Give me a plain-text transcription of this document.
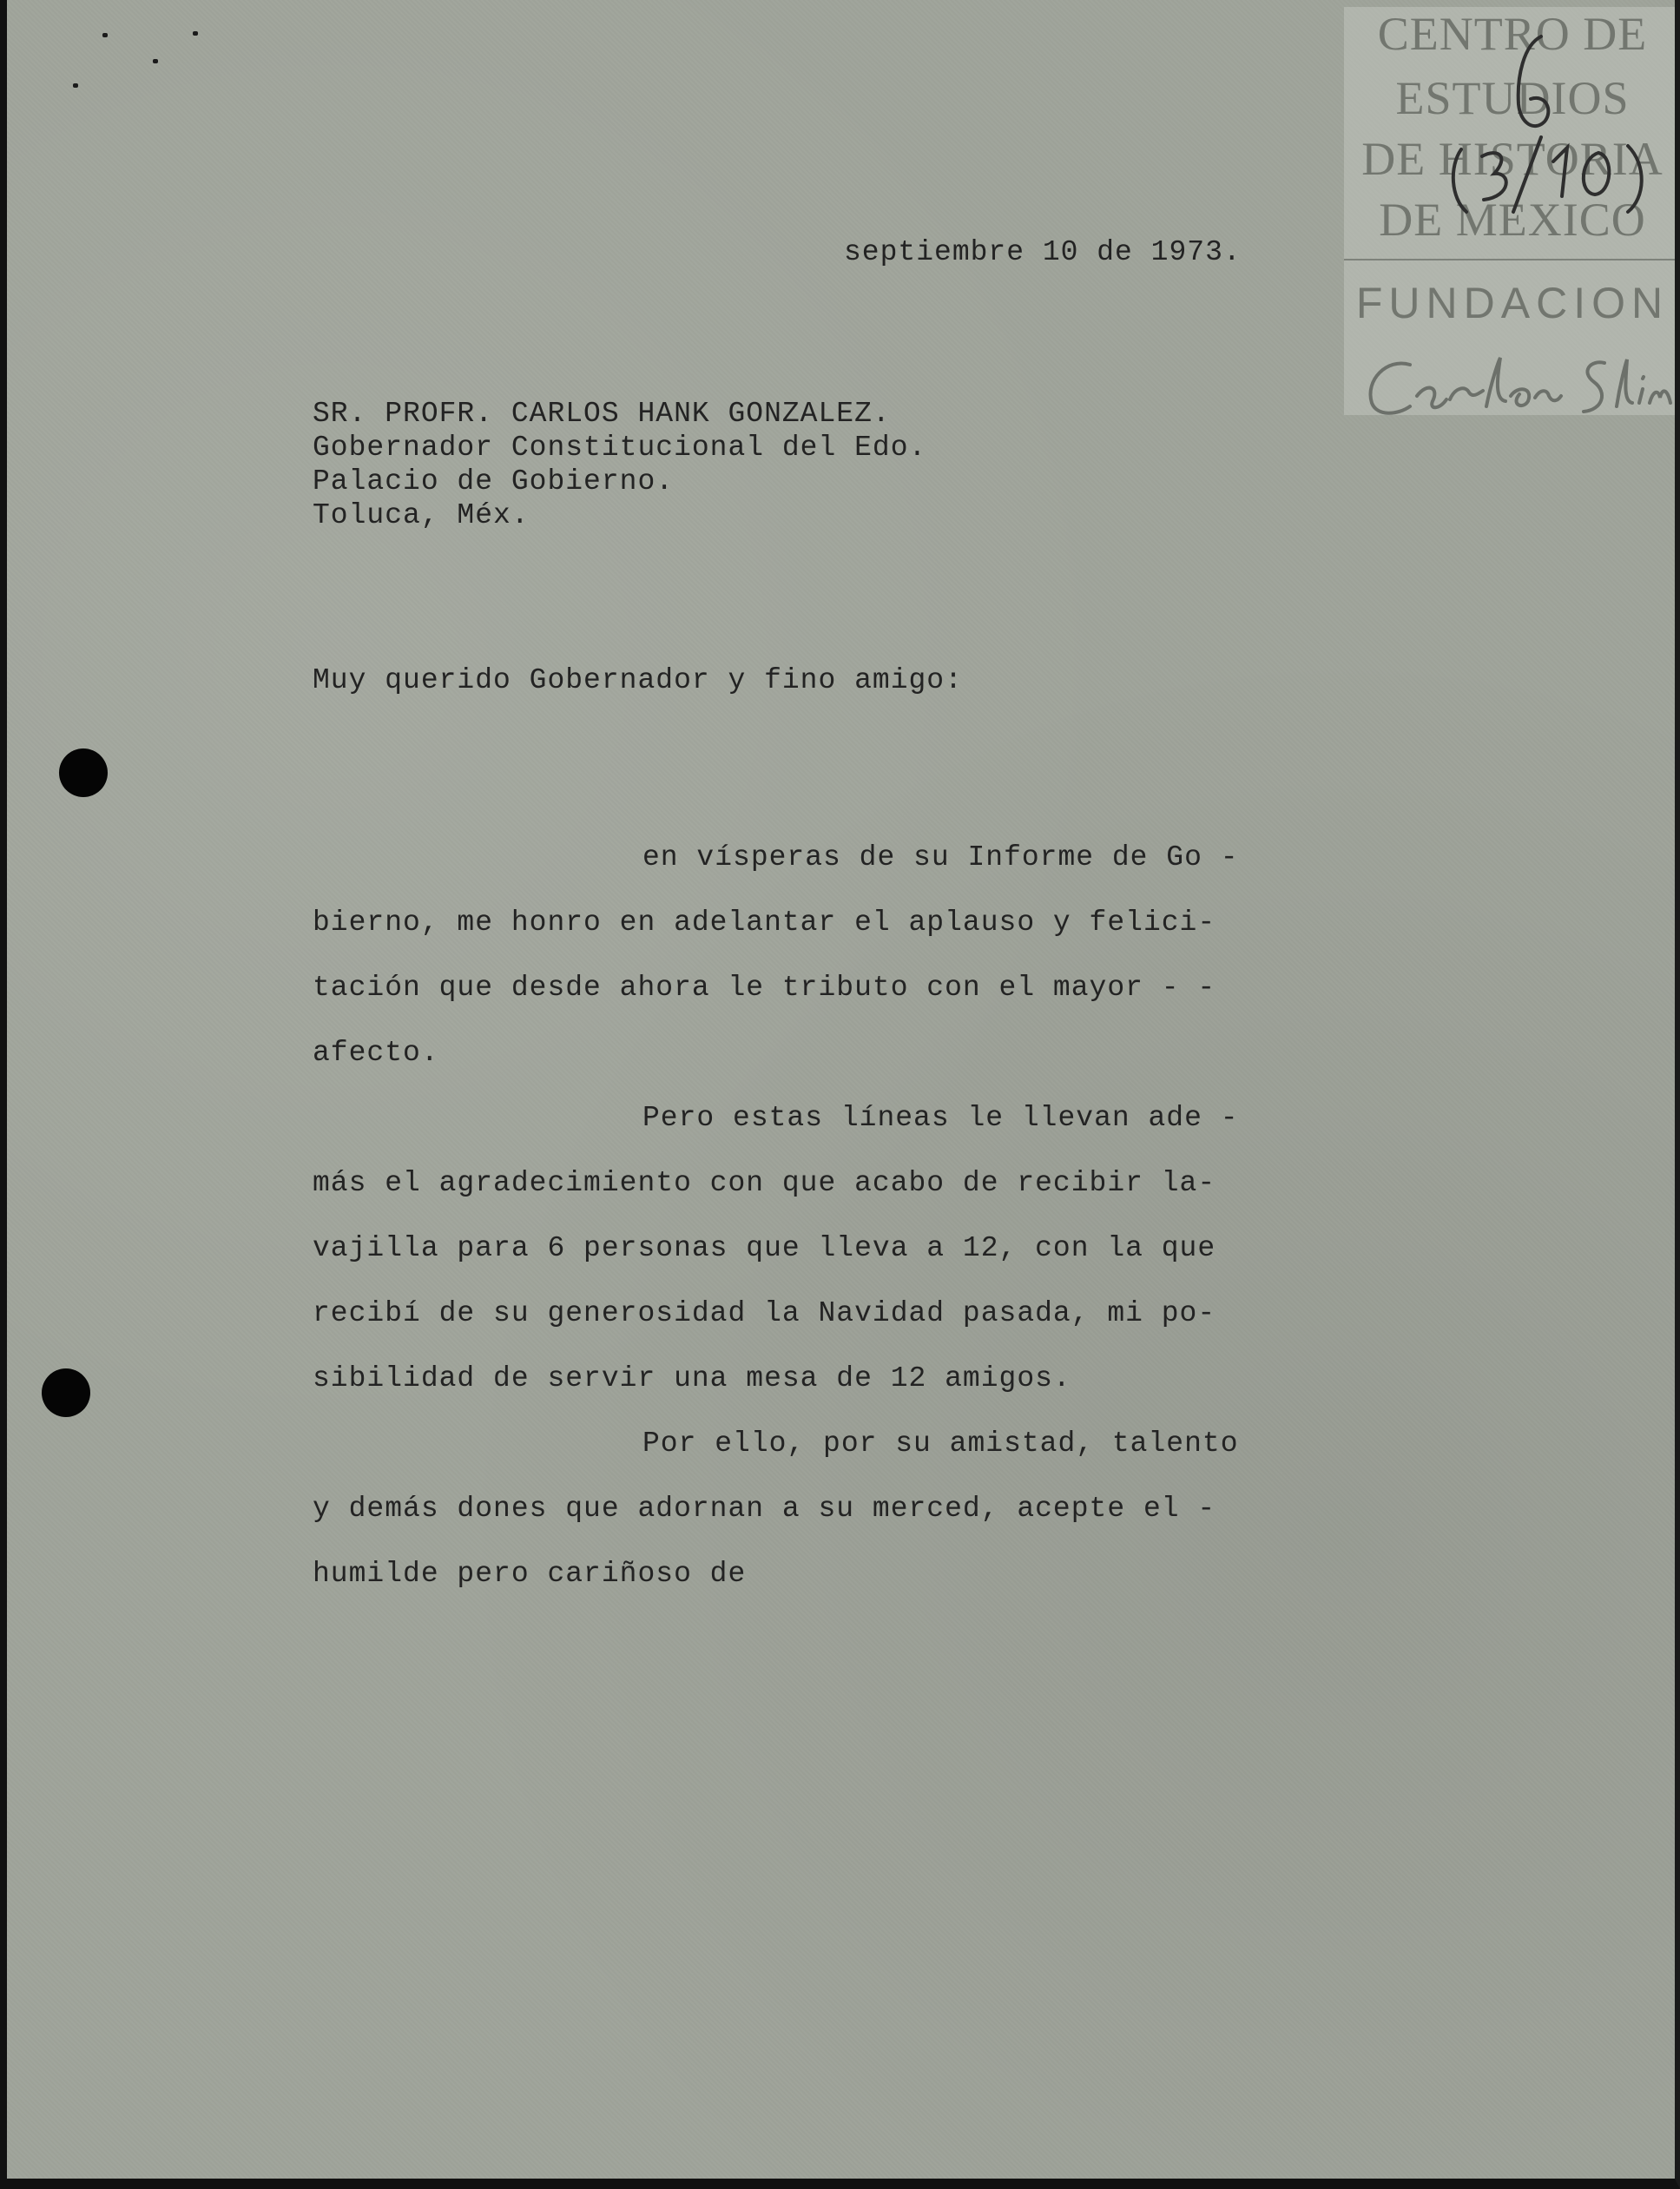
CENTRO DE
ESTUDIOS
DE HISTORIA
DE MEXICO
FUNDACION
septiembre 10 de 1973.
SR. PROFR. CARLOS HANK GONZALEZ.
Gobernador Constitucional del Edo.
Palacio de Gobierno.
Toluca, Méx.
Muy querido Gobernador y fino amigo:
en vísperas de su Informe de Go -
bierno, me honro en adelantar el aplauso y felici-
tación que desde ahora le tributo con el mayor - -
afecto.
Pero estas líneas le llevan ade -
más el agradecimiento con que acabo de recibir la-
vajilla para 6 personas que lleva a 12, con la que
recibí de su generosidad la Navidad pasada, mi po-
sibilidad de servir una mesa de 12 amigos.
Por ello, por su amistad, talento
y demás dones que adornan a su merced, acepte el -
humilde pero cariñoso de
